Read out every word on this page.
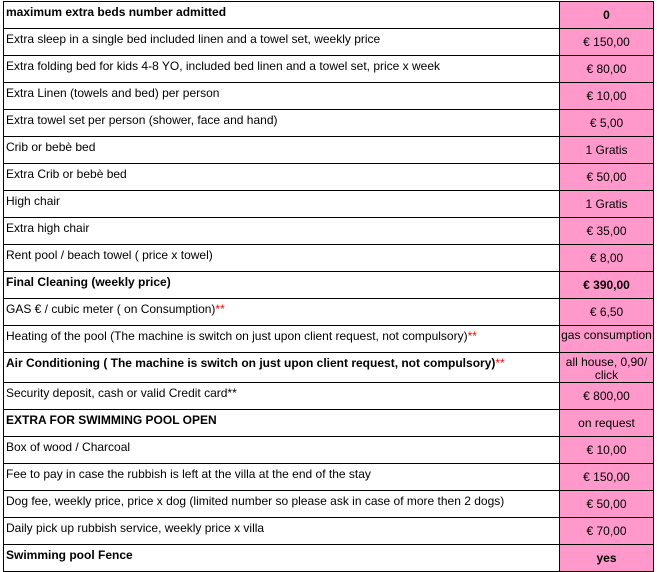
maximum extra beds number admitted	0
Extra sleep in a single bed included linen and a towel set, weekly price	€ 150,00
Extra folding bed for kids 4-8 YO, included bed linen and a towel set, price x week	€ 80,00
Extra Linen (towels and bed) per person	€ 10,00
Extra towel set per person (shower, face and hand)	€ 5,00
Crib or bebè bed	1 Gratis
Extra Crib or bebè bed	€ 50,00
High chair	1 Gratis
Extra high chair	€ 35,00
Rent pool / beach towel ( price x towel)	€ 8,00
Final Cleaning (weekly price)	€ 390,00
GAS € / cubic meter ( on Consumption)**	€ 6,50
Heating of the pool (The machine is switch on just upon client request, not compulsory)**	gas consumption
Air Conditioning ( The machine is switch on just upon client request, not compulsory)**	all house, 0,90/ click
Security deposit, cash or valid Credit card**	€ 800,00
EXTRA FOR SWIMMING POOL OPEN	on request
Box of wood / Charcoal	€ 10,00
Fee to pay in case the rubbish is left at the villa at the end of the stay	€ 150,00
Dog fee, weekly price, price x dog (limited number so please ask in case of more then 2 dogs)	€ 50,00
Daily pick up rubbish service, weekly price x villa	€ 70,00
Swimming pool Fence	yes
